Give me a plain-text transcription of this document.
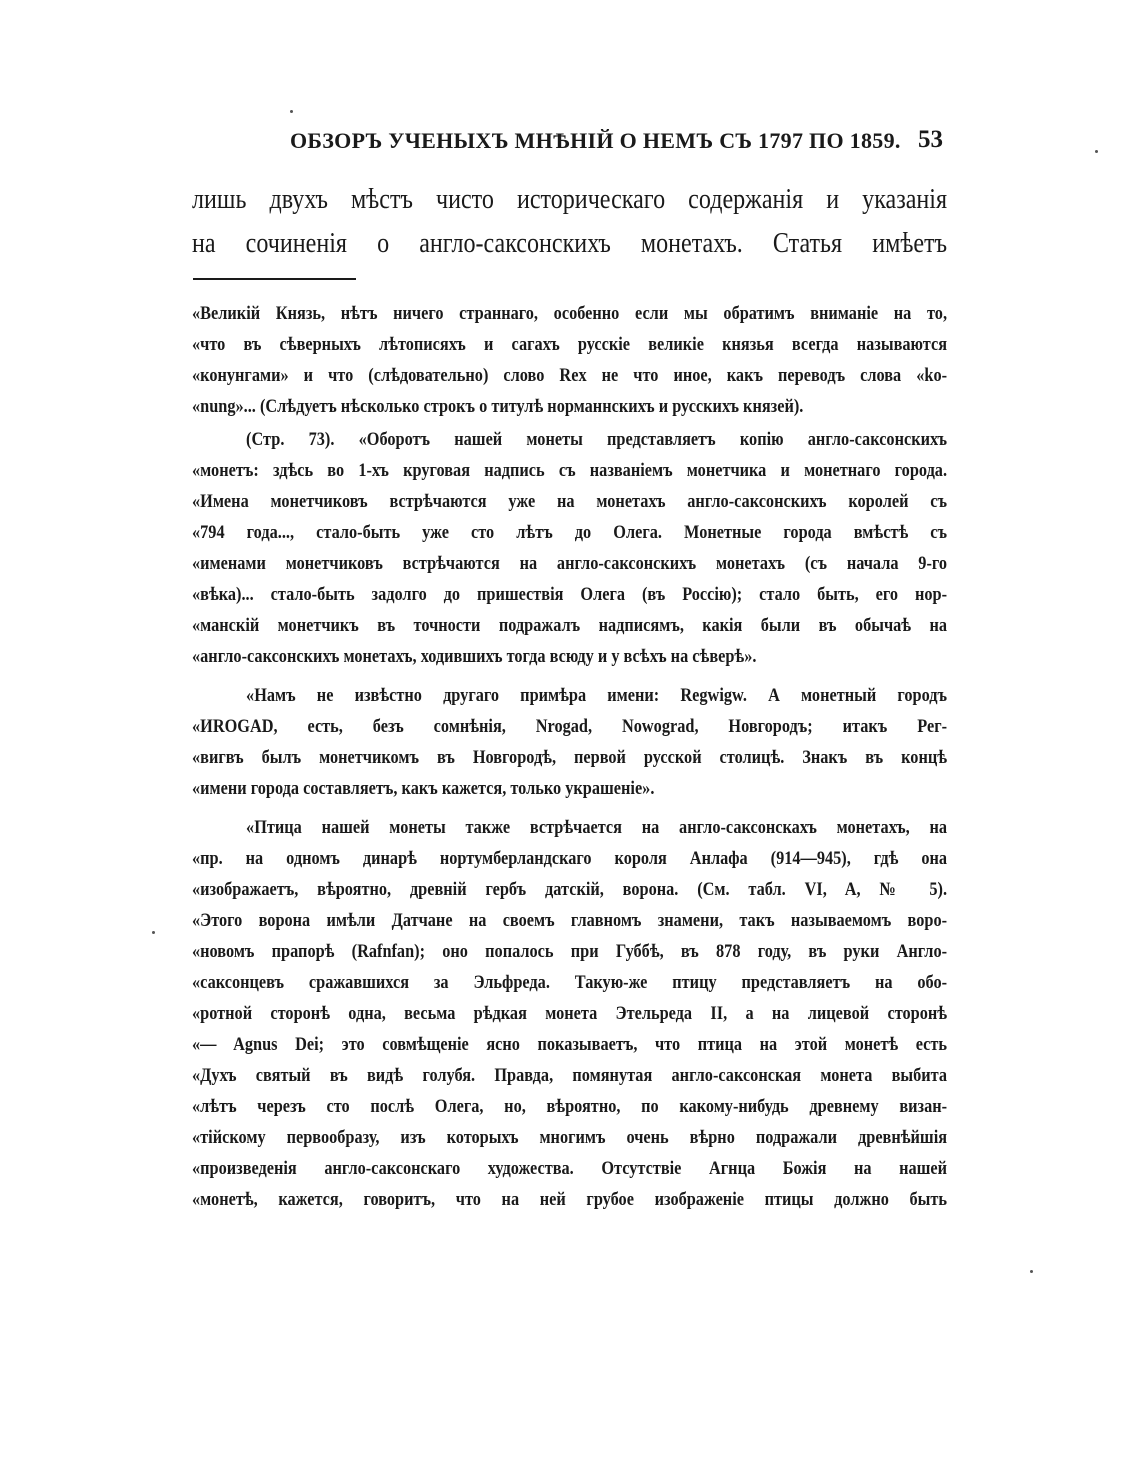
ОБЗОРЪ УЧЕНЫХЪ МНѢНІЙ О НЕМЪ СЪ 1797 ПО 1859. 53
лишь двухъ мѣстъ чисто историческаго содержанія и указанія
на сочиненія о англо-саксонскихъ монетахъ. Статья имѣетъ
«Великій Князь, нѣтъ ничего страннаго, особенно если мы обратимъ вниманіе на то,
«что въ сѣверныхъ лѣтописяхъ и сагахъ русскіе великіе князья всегда называются
«конунгами» и что (слѣдовательно) слово Rex не что иное, какъ переводъ слова «ko-
«nung»... (Слѣдуетъ нѣсколько строкъ о титулѣ норманнскихъ и русскихъ князей).
(Стр. 73). «Оборотъ нашей монеты представляетъ копію англо-саксонскихъ
«монетъ: здѣсь во 1-хъ круговая надпись съ названіемъ монетчика и монетнаго города.
«Имена монетчиковъ встрѣчаются уже на монетахъ англо-саксонскихъ королей съ
«794 года..., стало-быть уже сто лѣтъ до Олега. Монетные города вмѣстѣ съ
«именами монетчиковъ встрѣчаются на англо-саксонскихъ монетахъ (съ начала 9-го
«вѣка)... стало-быть задолго до пришествія Олега (въ Россію); стало быть, его нор-
«манскій монетчикъ въ точности подражалъ надписямъ, какія были въ обычаѣ на
«англо-саксонскихъ монетахъ, ходившихъ тогда всюду и у всѣхъ на сѣверѣ».
«Намъ не извѣстно другаго примѣра имени: Regwigw. А монетный городъ
«ИROGAD, есть, безъ сомнѣнія, Nrogad, Nowograd, Новгородъ; итакъ Рег-
«вигвъ былъ монетчикомъ въ Новгородѣ, первой русской столицѣ. Знакъ въ концѣ
«имени города составляетъ, какъ кажется, только украшеніе».
«Птица нашей монеты также встрѣчается на англо-саксонскахъ монетахъ, на
«пр. на одномъ динарѣ нортумберландскаго короля Анлафа (914—945), гдѣ она
«изображаетъ, вѣроятно, древній гербъ датскій, ворона. (См. табл. VI, A, № 5).
«Этого ворона имѣли Датчане на своемъ главномъ знамени, такъ называемомъ воро-
«новомъ прапорѣ (Rafnfan); оно попалось при Губбѣ, въ 878 году, въ руки Англо-
«саксонцевъ сражавшихся за Эльфреда. Такую-же птицу представляетъ на обо-
«ротной сторонѣ одна, весьма рѣдкая монета Этельреда II, а на лицевой сторонѣ
«— Agnus Dei; это совмѣщеніе ясно показываетъ, что птица на этой монетѣ есть
«Духъ святый въ видѣ голубя. Правда, помянутая англо-саксонская монета выбита
«лѣтъ черезъ сто послѣ Олега, но, вѣроятно, по какому-нибудь древнему визан-
«тійскому первообразу, изъ которыхъ многимъ очень вѣрно подражали древнѣйшія
«произведенія англо-саксонскаго художества. Отсутствіе Агнца Божія на нашей
«монетѣ, кажется, говоритъ, что на ней грубое изображеніе птицы должно быть
